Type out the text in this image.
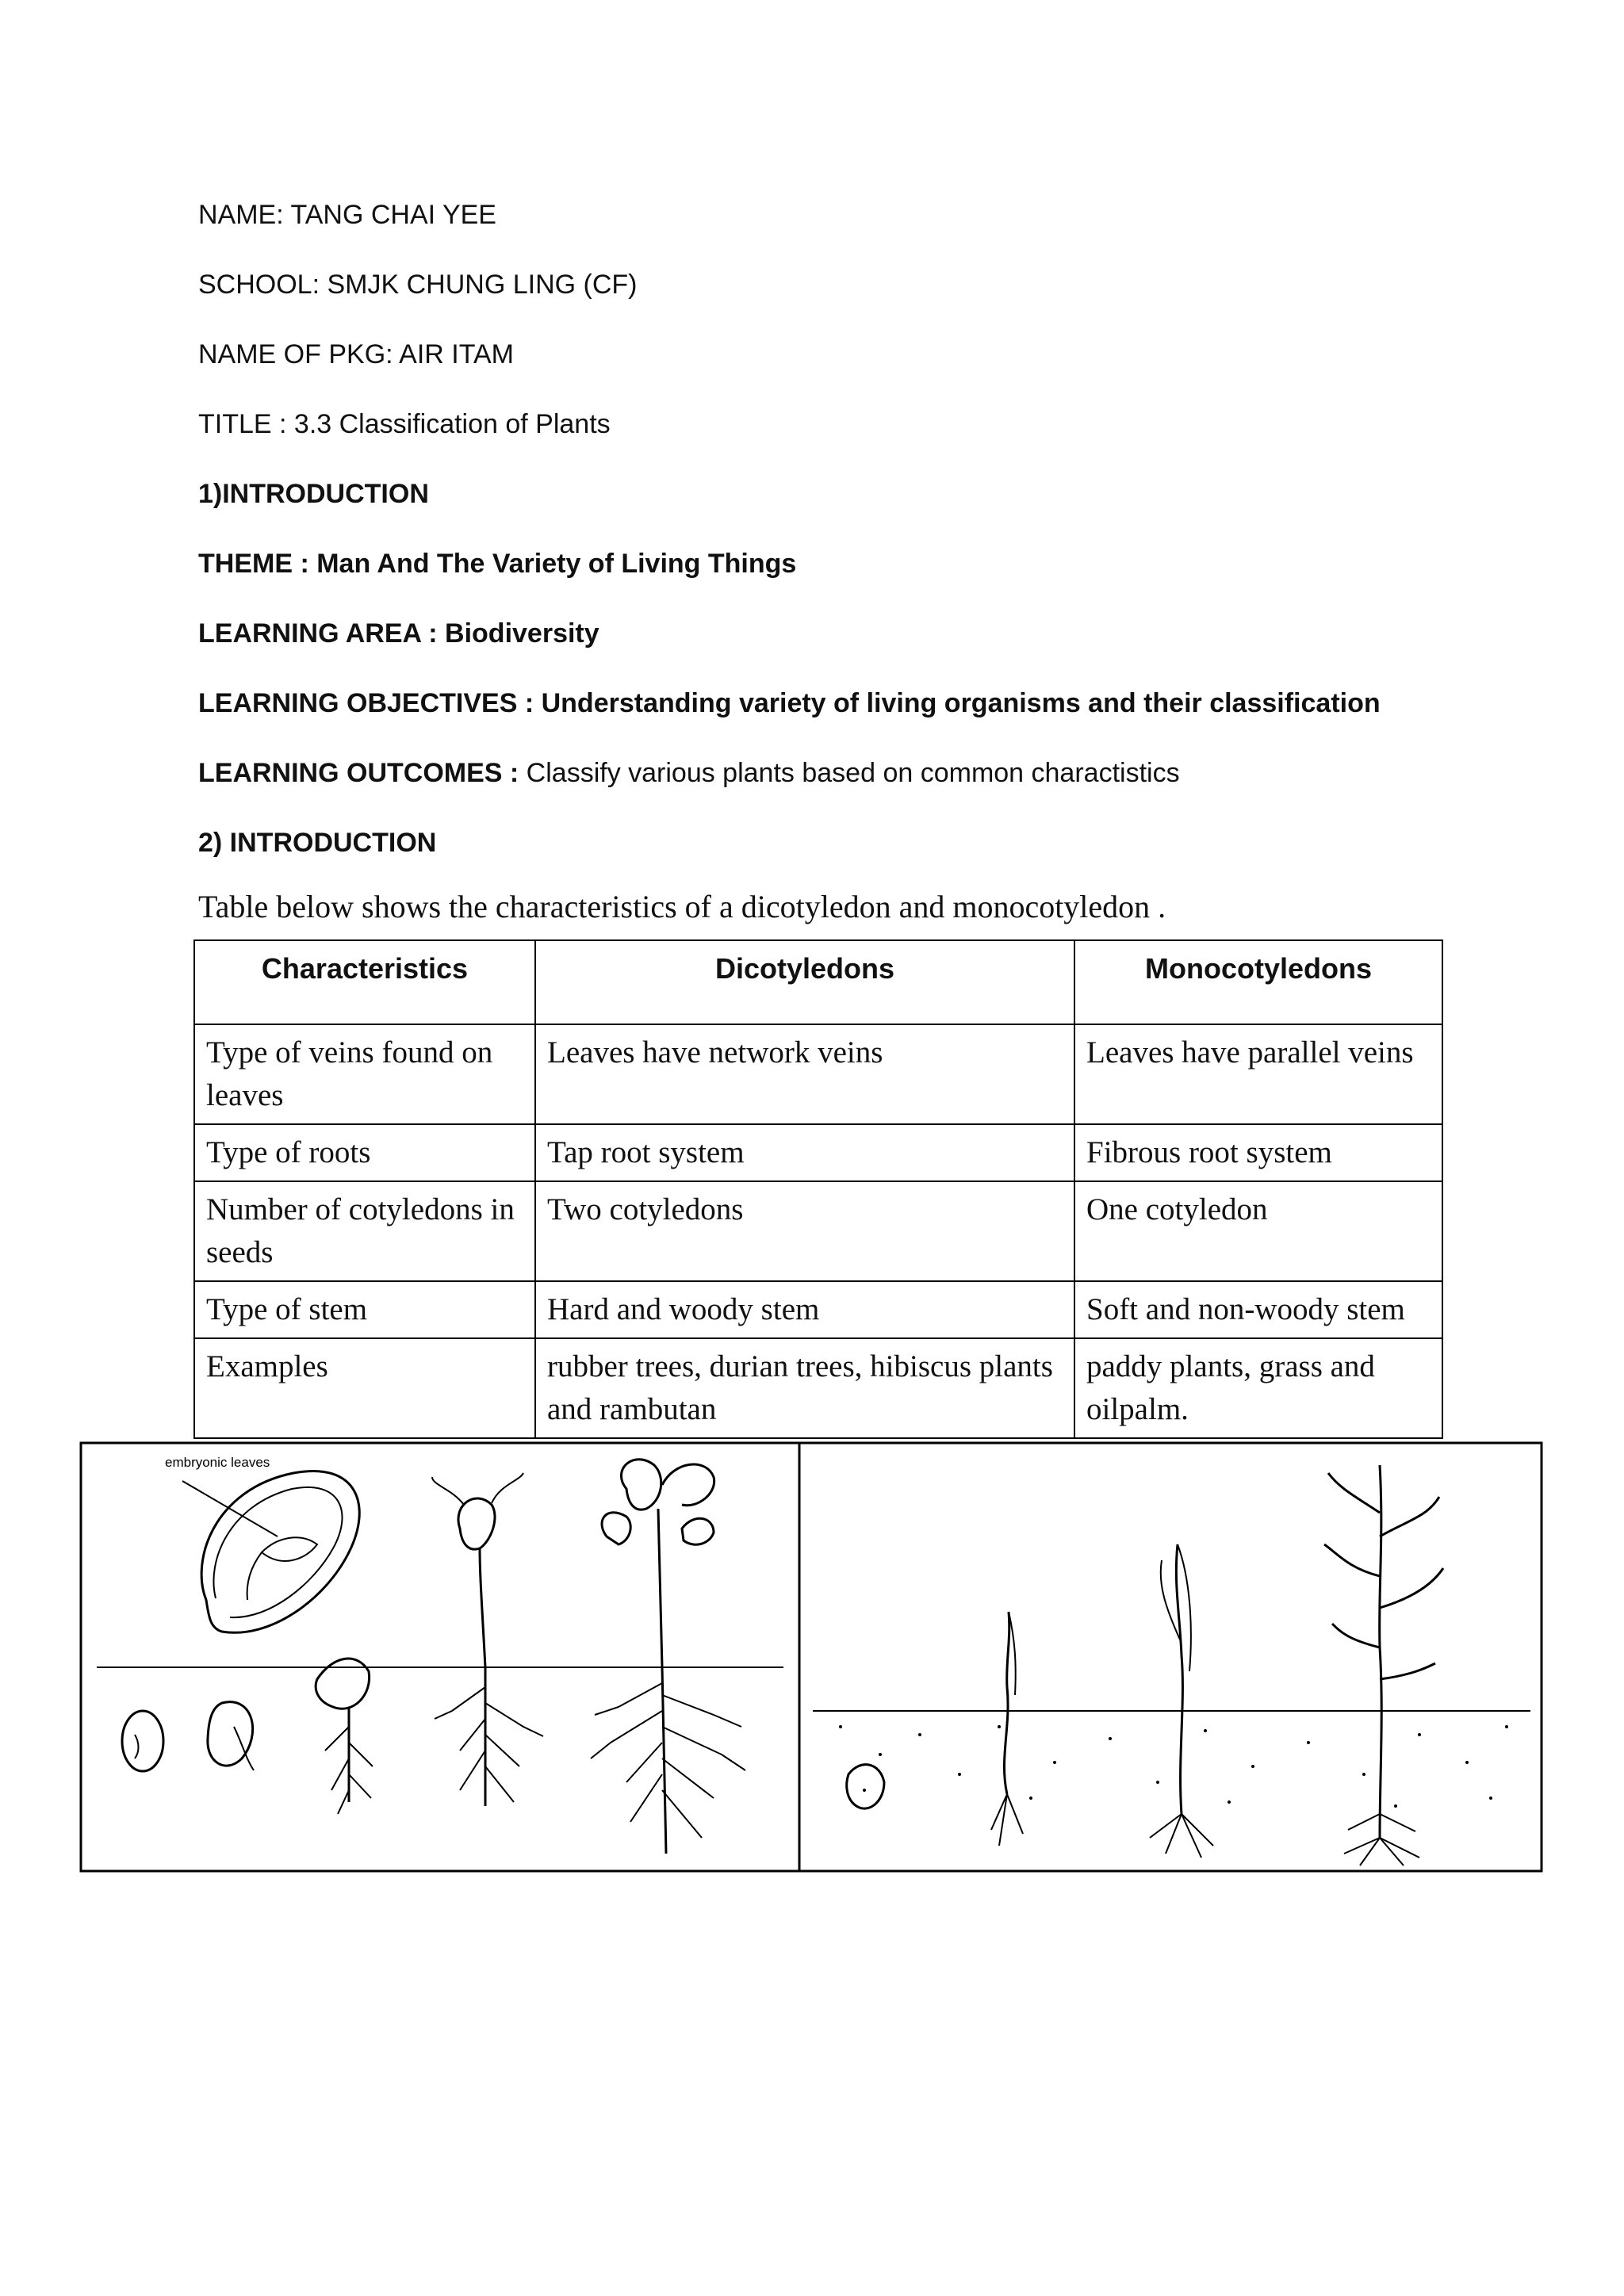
NAME: TANG CHAI YEE
SCHOOL: SMJK CHUNG LING (CF)
NAME OF PKG: AIR ITAM
TITLE : 3.3 Classification of Plants
1)INTRODUCTION
THEME : Man And The Variety of Living Things
LEARNING AREA : Biodiversity
LEARNING OBJECTIVES : Understanding variety of living organisms and their classification
LEARNING OUTCOMES : Classify various plants based on common charactistics
2) INTRODUCTION
Table below shows the characteristics of a dicotyledon and monocotyledon .
Characteristics	Dicotyledons	Monocotyledons
Type of veins found on leaves	Leaves have network veins	Leaves have parallel veins
Type of roots	Tap root system	Fibrous root system
Number of cotyledons in seeds	Two cotyledons	One cotyledon
Type of stem	Hard and woody stem	Soft and non-woody stem
Examples	rubber trees, durian trees, hibiscus plants and rambutan	paddy plants, grass and oilpalm.
embryonic leaves
